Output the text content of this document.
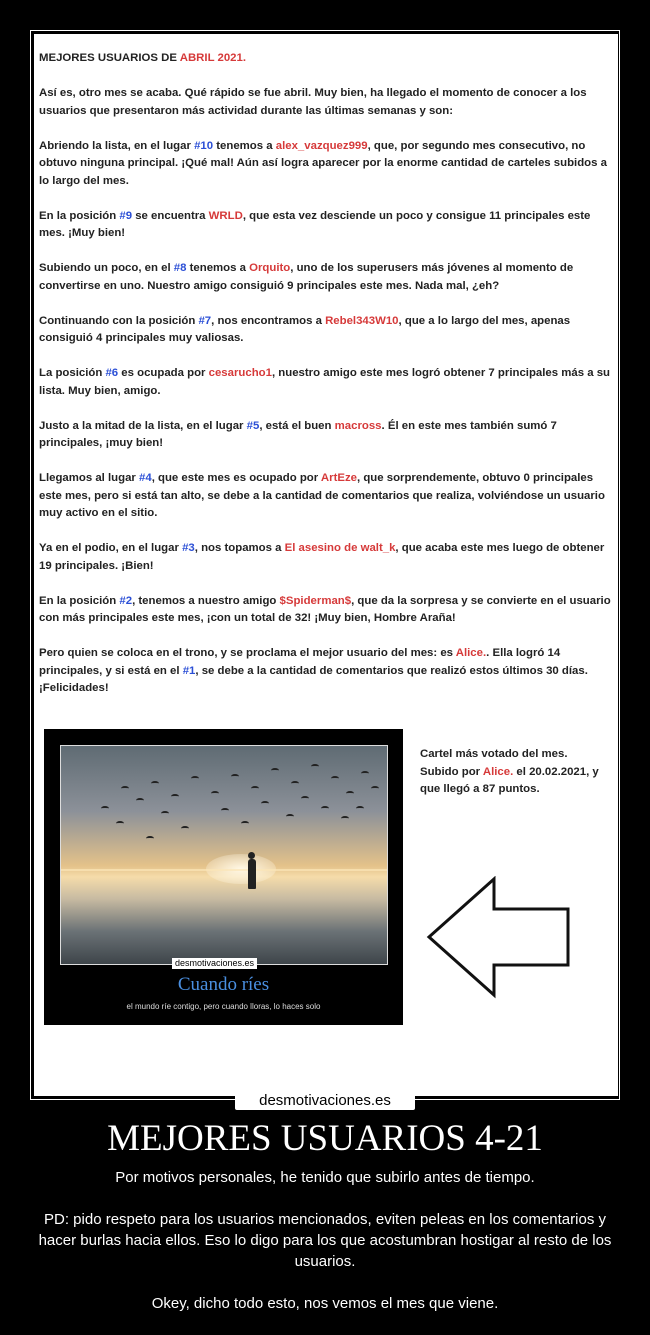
MEJORES USUARIOS DE ABRIL 2021.

Así es, otro mes se acaba. Qué rápido se fue abril. Muy bien, ha llegado el momento de conocer a los usuarios que presentaron más actividad durante las últimas semanas y son:

Abriendo la lista, en el lugar #10 tenemos a alex_vazquez999, que, por segundo mes consecutivo, no obtuvo ninguna principal. ¡Qué mal! Aún así logra aparecer por la enorme cantidad de carteles subidos a lo largo del mes.

En la posición #9 se encuentra WRLD, que esta vez desciende un poco y consigue 11 principales este mes. ¡Muy bien!

Subiendo un poco, en el #8 tenemos a Orquito, uno de los superusers más jóvenes al momento de convertirse en uno. Nuestro amigo consiguió 9 principales este mes. Nada mal, ¿eh?

Continuando con la posición #7, nos encontramos a Rebel343W10, que a lo largo del mes, apenas consiguió 4 principales muy valiosas.

La posición #6 es ocupada por cesarucho1, nuestro amigo este mes logró obtener 7 principales más a su lista. Muy bien, amigo.

Justo a la mitad de la lista, en el lugar #5, está el buen macross. Él en este mes también sumó 7 principales, ¡muy bien!

Llegamos al lugar #4, que este mes es ocupado por ArtEze, que sorprendemente, obtuvo 0 principales este mes, pero si está tan alto, se debe a la cantidad de comentarios que realiza, volviéndose un usuario muy activo en el sitio.

Ya en el podio, en el lugar #3, nos topamos a El asesino de walt_k, que acaba este mes luego de obtener 19 principales. ¡Bien!

En la posición #2, tenemos a nuestro amigo $Spiderman$, que da la sorpresa y se convierte en el usuario con más principales este mes, ¡con un total de 32! ¡Muy bien, Hombre Araña!

Pero quien se coloca en el trono, y se proclama el mejor usuario del mes: es Alice.. Ella logró 14 principales, y si está en el #1, se debe a la cantidad de comentarios que realizó estos últimos 30 días. ¡Felicidades!

desmotivaciones.es
Cuando ríes
el mundo ríe contigo, pero cuando lloras, lo haces solo
Cartel más votado del mes.
Subido por Alice. el 20.02.2021, y que llegó a 87 puntos.
desmotivaciones.es
MEJORES USUARIOS 4-21

Por motivos personales, he tenido que subirlo antes de tiempo.

PD: pido respeto para los usuarios mencionados, eviten peleas en los comentarios y hacer burlas hacia ellos. Eso lo digo para los que acostumbran hostigar al resto de los usuarios.

Okey, dicho todo esto, nos vemos el mes que viene.
